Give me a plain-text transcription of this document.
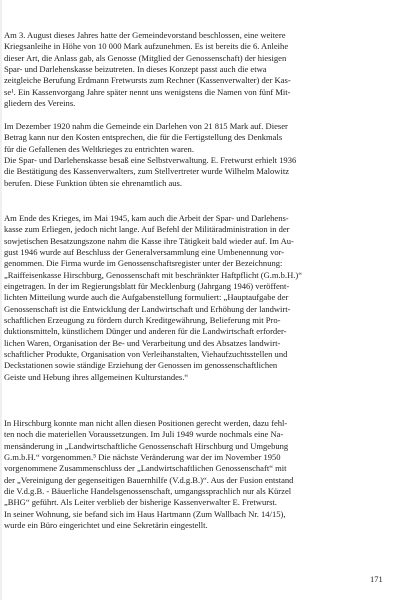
Am 3. August dieses Jahres hatte der Gemeindevorstand beschlossen, eine weitere
Kriegsanleihe in Höhe von 10 000 Mark aufzunehmen. Es ist bereits die 6. Anleihe
dieser Art, die Anlass gab, als Genosse (Mitglied der Genossenschaft) der hiesigen
Spar- und Darlehenskasse beizutreten. In dieses Konzept passt auch die etwa
zeitgleiche Berufung Erdmann Fretwursts zum Rechner (Kassenverwalter) der Kas-
se¹. Ein Kassenvorgang Jahre später nennt uns wenigstens die Namen von fünf Mit-
gliedern des Vereins.
Im Dezember 1920 nahm die Gemeinde ein Darlehen von 21 815 Mark auf. Dieser
Betrag kann nur den Kosten entsprechen, die für die Fertigstellung des Denkmals
für die Gefallenen des Weltkrieges zu entrichten waren.
Die Spar- und Darlehenskasse besaß eine Selbstverwaltung. E. Fretwurst erhielt 1936
die Bestätigung des Kassenverwalters, zum Stellvertreter wurde Wilhelm Malowitz
berufen. Diese Funktion übten sie ehrenamtlich aus.
Am Ende des Krieges, im Mai 1945, kam auch die Arbeit der Spar- und Darlehens-
kasse zum Erliegen, jedoch nicht lange. Auf Befehl der Militäradministration in der
sowjetischen Besatzungszone nahm die Kasse ihre Tätigkeit bald wieder auf. Im Au-
gust 1946 wurde auf Beschluss der Generalversammlung eine Umbenennung vor-
genommen. Die Firma wurde im Genossenschaftsregister unter der Bezeichnung:
„Raiffeisenkasse Hirschburg, Genossenschaft mit beschränkter Haftpflicht (G.m.b.H.)“
eingetragen. In der im Regierungsblatt für Mecklenburg (Jahrgang 1946) veröffent-
lichten Mitteilung wurde auch die Aufgabenstellung formuliert: „Hauptaufgabe der
Genossenschaft ist die Entwicklung der Landwirtschaft und Erhöhung der landwirt-
schaftlichen Erzeugung zu fördern durch Kreditgewährung, Belieferung mit Pro-
duktionsmitteln, künstlichem Dünger und anderen für die Landwirtschaft erforder-
lichen Waren, Organisation der Be- und Verarbeitung und des Absatzes landwirt-
schaftlicher Produkte, Organisation von Verleihanstalten, Viehaufzuchtsstellen und
Deckstationen sowie ständige Erziehung der Genossen im genossenschaftlichen
Geiste und Hebung ihres allgemeinen Kulturstandes.“
In Hirschburg konnte man nicht allen diesen Positionen gerecht werden, dazu fehl-
ten noch die materiellen Voraussetzungen. Im Juli 1949 wurde nochmals eine Na-
mensänderung in „Landwirtschaftliche Genossenschaft Hirschburg und Umgebung
G.m.b.H.“ vorgenommen.⁵ Die nächste Veränderung war der im November 1950
vorgenommene Zusammenschluss der „Landwirtschaftlichen Genossenschaft“ mit
der „Vereinigung der gegenseitigen Bauernhilfe (V.d.g.B.)“. Aus der Fusion entstand
die V.d.g.B. - Bäuerliche Handelsgenossenschaft, umgangssprachlich nur als Kürzel
„BHG“ geführt. Als Leiter verblieb der bisherige Kassenverwalter E. Fretwurst.
In seiner Wohnung, sie befand sich im Haus Hartmann (Zum Wallbach Nr. 14/15),
wurde ein Büro eingerichtet und eine Sekretärin eingestellt.
171
